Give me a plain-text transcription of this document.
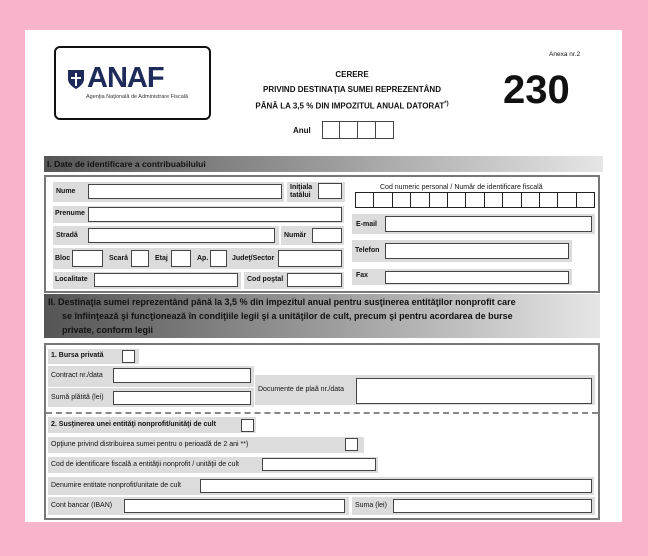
ANAF
Agenţia Naţională de Administrare Fiscală
CERERE
PRIVIND DESTINAŢIA SUMEI REPREZENTÂND
PÂNĂ LA 3,5 % DIN IMPOZITUL ANUAL DATORAT*)
Anexa nr.2
230
Anul
I. Date de identificare a contribuabilului
Nume
Iniţiala
tatălui
Prenume
Stradă	Număr
Bloc	Scară	Etaj	Ap.	Judeţ/Sector
Localitate	Cod poştal
Cod numeric personal / Număr de identificare fiscală
E-mail
Telefon
Fax
II. Destinaţia sumei reprezentând până la 3,5 % din impezitul anual pentru susţinerea entităţilor nonprofit care
se înfiinţează şi funcţionează în condiţiile legii şi a unităţilor de cult, precum şi pentru acordarea de burse
private, conform legii
1. Bursa privată
Contract nr./data
Sumă plătită (lei)
Documente de plaă nr./data
2. Susţinerea unei entităţi nonprofit/unităţi de cult
Opţiune privind distribuirea sumei pentru o perioadă de 2 ani **)
Cod de identificare fiscală a entităţii nonprofit / unităţii de cult
Denumire entitate nonprofit/unitate de cult
Cont bancar (IBAN)	Suma (lei)
